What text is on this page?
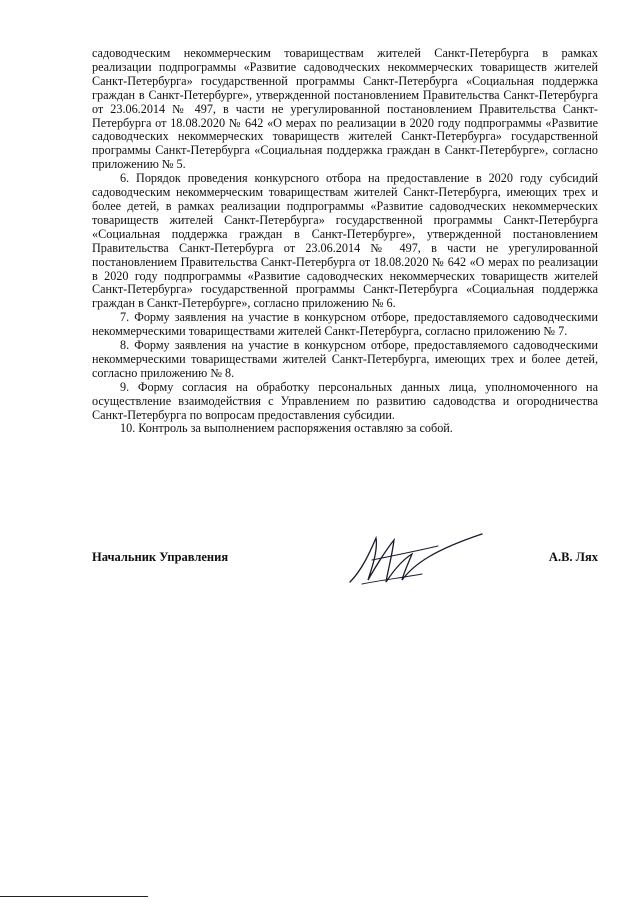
садоводческим некоммерческим товариществам жителей Санкт-Петербурга в рамках реализации подпрограммы «Развитие садоводческих некоммерческих товариществ жителей Санкт-Петербурга» государственной программы Санкт-Петербурга «Социальная поддержка граждан в Санкт-Петербурге», утвержденной постановлением Правительства Санкт-Петербурга от 23.06.2014 № 497, в части не урегулированной постановлением Правительства Санкт-Петербурга от 18.08.2020 № 642 «О мерах по реализации в 2020 году подпрограммы «Развитие садоводческих некоммерческих товариществ жителей Санкт-Петербурга» государственной программы Санкт-Петербурга «Социальная поддержка граждан в Санкт-Петербурге», согласно приложению № 5.

6. Порядок проведения конкурсного отбора на предоставление в 2020 году субсидий садоводческим некоммерческим товариществам жителей Санкт-Петербурга, имеющих трех и более детей, в рамках реализации подпрограммы «Развитие садоводческих некоммерческих товариществ жителей Санкт-Петербурга» государственной программы Санкт-Петербурга «Социальная поддержка граждан в Санкт-Петербурге», утвержденной постановлением Правительства Санкт-Петербурга от 23.06.2014 № 497, в части не урегулированной постановлением Правительства Санкт-Петербурга от 18.08.2020 № 642 «О мерах по реализации в 2020 году подпрограммы «Развитие садоводческих некоммерческих товариществ жителей Санкт-Петербурга» государственной программы Санкт-Петербурга «Социальная поддержка граждан в Санкт-Петербурге», согласно приложению № 6.

7. Форму заявления на участие в конкурсном отборе, предоставляемого садоводческими некоммерческими товариществами жителей Санкт-Петербурга, согласно приложению № 7.

8. Форму заявления на участие в конкурсном отборе, предоставляемого садоводческими некоммерческими товариществами жителей Санкт-Петербурга, имеющих трех и более детей, согласно приложению № 8.

9. Форму согласия на обработку персональных данных лица, уполномоченного на осуществление взаимодействия с Управлением по развитию садоводства и огородничества Санкт-Петербурга по вопросам предоставления субсидии.

10. Контроль за выполнением распоряжения оставляю за собой.

Начальник Управления	А.В. Лях
